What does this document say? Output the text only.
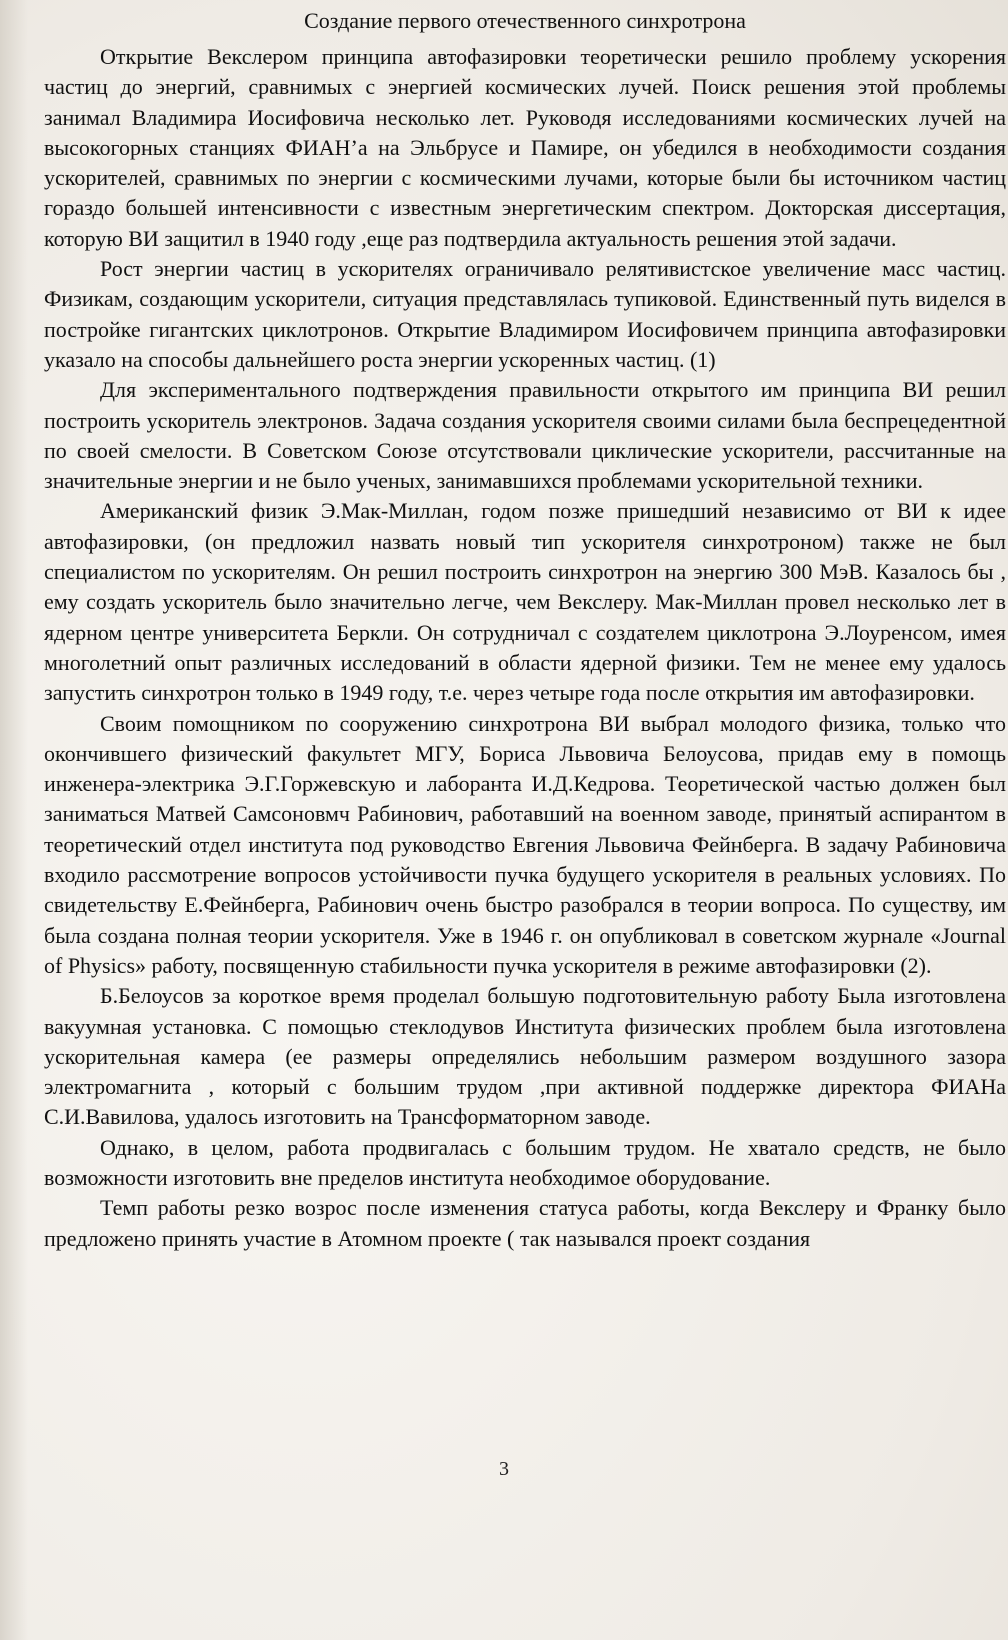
Создание первого отечественного синхротрона

Открытие Векслером принципа автофазировки теоретически решило проблему ускорения частиц до энергий, сравнимых с энергией космических лучей. Поиск решения этой проблемы занимал Владимира Иосифовича несколько лет. Руководя исследованиями космических лучей на высокогорных станциях ФИАН’а на Эльбрусе и Памире, он убедился в необходимости создания ускорителей, сравнимых по энергии с космическими лучами, которые были бы источником частиц гораздо большей интенсивности с известным энергетическим спектром. Докторская диссертация, которую ВИ защитил в 1940 году ,еще раз подтвердила актуальность решения этой задачи.

Рост энергии частиц в ускорителях ограничивало релятивистское увеличение масс частиц. Физикам, создающим ускорители, ситуация представлялась тупиковой. Единственный путь виделся в постройке гигантских циклотронов. Открытие Владимиром Иосифовичем принципа автофазировки указало на способы дальнейшего роста энергии ускоренных частиц. (1)

Для экспериментального подтверждения правильности открытого им принципа ВИ решил построить ускоритель электронов. Задача создания ускорителя своими силами была беспрецедентной по своей смелости. В Советском Союзе отсутствовали циклические ускорители, рассчитанные на значительные энергии и не было ученых, занимавшихся проблемами ускорительной техники.

Американский физик Э.Мак-Миллан, годом позже пришедший независимо от ВИ к идее автофазировки, (он предложил назвать новый тип ускорителя синхротроном) также не был специалистом по ускорителям. Он решил построить синхротрон на энергию 300 МэВ. Казалось бы , ему создать ускоритель было значительно легче, чем Векслеру. Мак-Миллан провел несколько лет в ядерном центре университета Беркли. Он сотрудничал с создателем циклотрона Э.Лоуренсом, имея многолетний опыт различных исследований в области ядерной физики. Тем не менее ему удалось запустить синхротрон только в 1949 году, т.е. через четыре года после открытия им автофазировки.

Своим помощником по сооружению синхротрона ВИ выбрал молодого физика, только что окончившего физический факультет МГУ, Бориса Львовича Белоусова, придав ему в помощь инженера-электрика Э.Г.Горжевскую и лаборанта И.Д.Кедрова. Теоретической частью должен был заниматься Матвей Самсоновмч Рабинович, работавший на военном заводе, принятый аспирантом в теоретический отдел института под руководство Евгения Львовича Фейнберга. В задачу Рабиновича входило рассмотрение вопросов устойчивости пучка будущего ускорителя в реальных условиях. По свидетельству Е.Фейнберга, Рабинович очень быстро разобрался в теории вопроса. По существу, им была создана полная теории ускорителя. Уже в 1946 г. он опубликовал в советском журнале «Journal of Physics» работу, посвященную стабильности пучка ускорителя в режиме автофазировки (2).

Б.Белоусов за короткое время проделал большую подготовительную работу Была изготовлена вакуумная установка. С помощью стеклодувов Института физических проблем была изготовлена ускорительная камера (ее размеры определялись небольшим размером воздушного зазора электромагнита , который с большим трудом ,при активной поддержке директора ФИАНа С.И.Вавилова, удалось изготовить на Трансформаторном заводе.

Однако, в целом, работа продвигалась с большим трудом. Не хватало средств, не было возможности изготовить вне пределов института необходимое оборудование.

Темп работы резко возрос после изменения статуса работы, когда Векслеру и Франку было предложено принять участие в Атомном проекте ( так назывался проект создания

3
